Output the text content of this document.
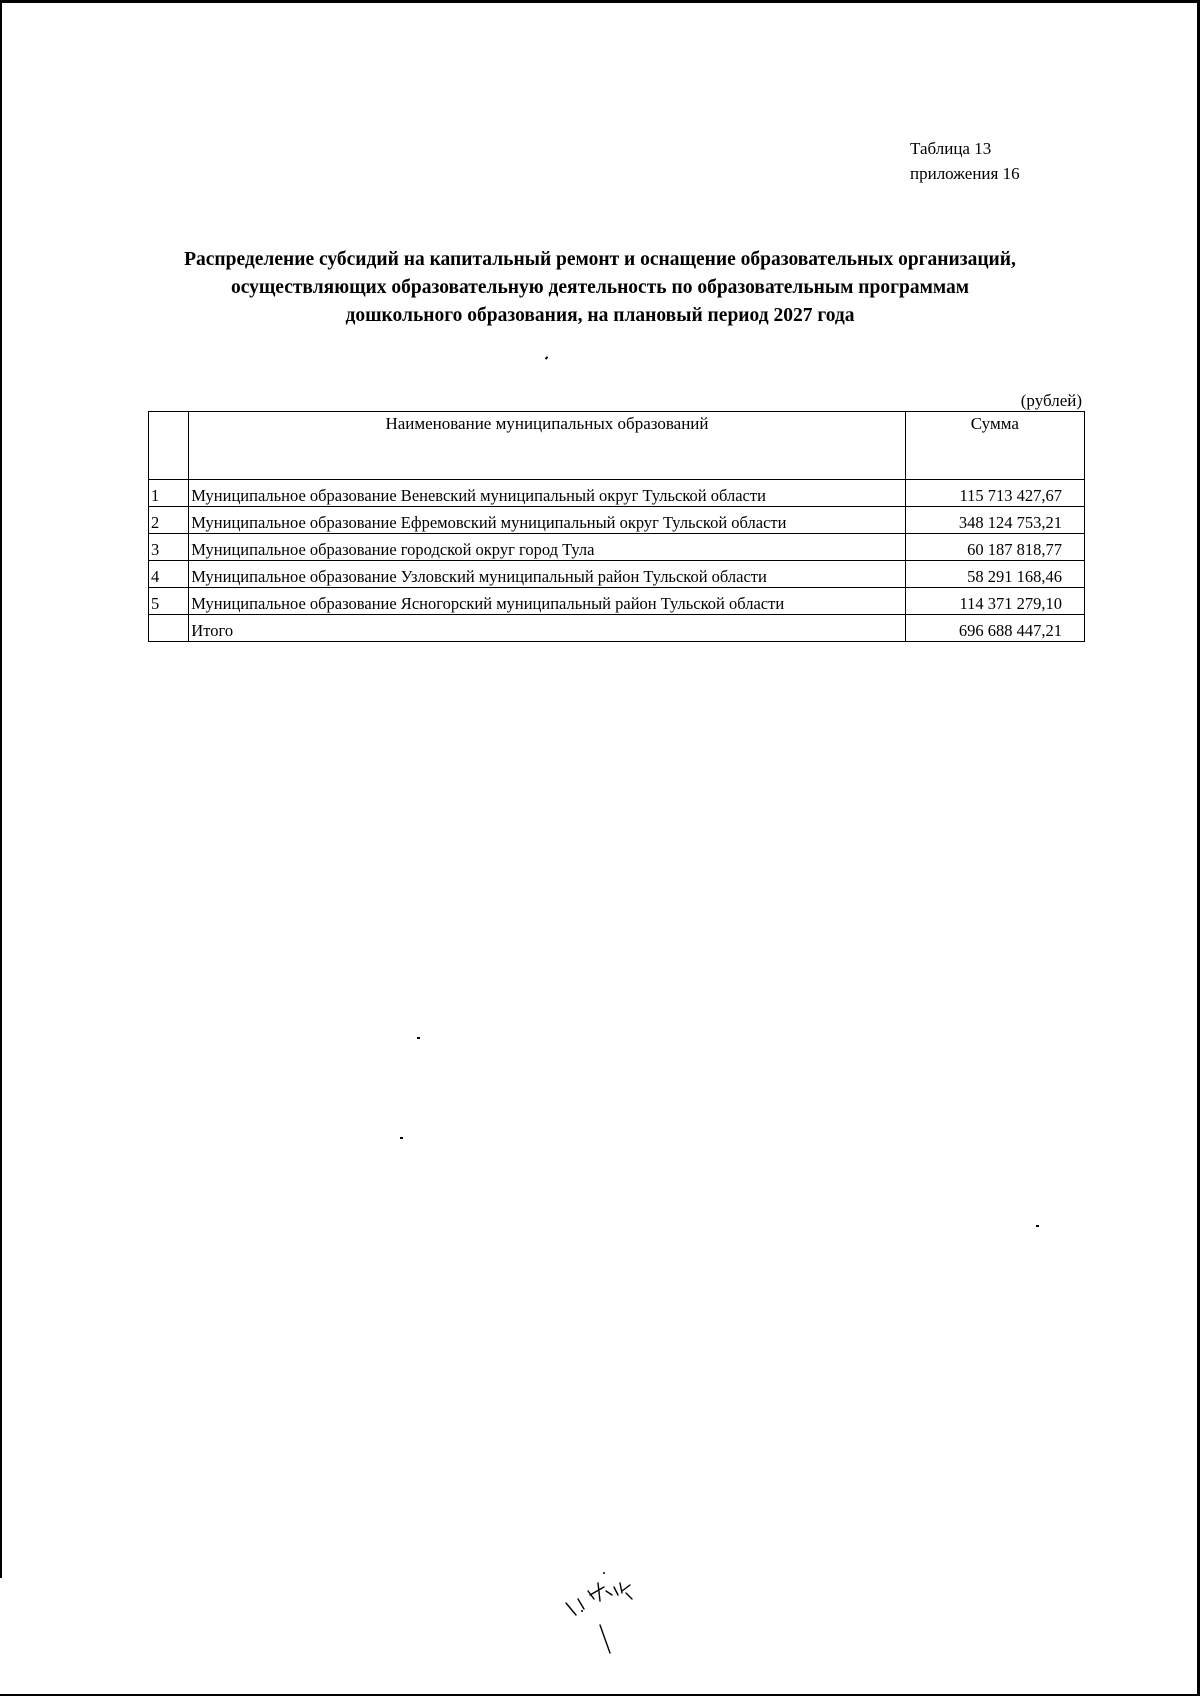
Таблица 13
приложения 16
Распределение субсидий на капитальный ремонт и оснащение образовательных организаций,
осуществляющих образовательную деятельность по образовательным программам
дошкольного образования, на плановый период 2027 года
(рублей)
	Наименование муниципальных образований	Сумма
1	Муниципальное образование Веневский муниципальный округ Тульской области	115 713 427,67
2	Муниципальное образование Ефремовский муниципальный округ Тульской области	348 124 753,21
3	Муниципальное образование городской округ город Тула	60 187 818,77
4	Муниципальное образование Узловский муниципальный район Тульской области	58 291 168,46
5	Муниципальное образование Ясногорский муниципальный район Тульской области	114 371 279,10
	Итого	696 688 447,21
